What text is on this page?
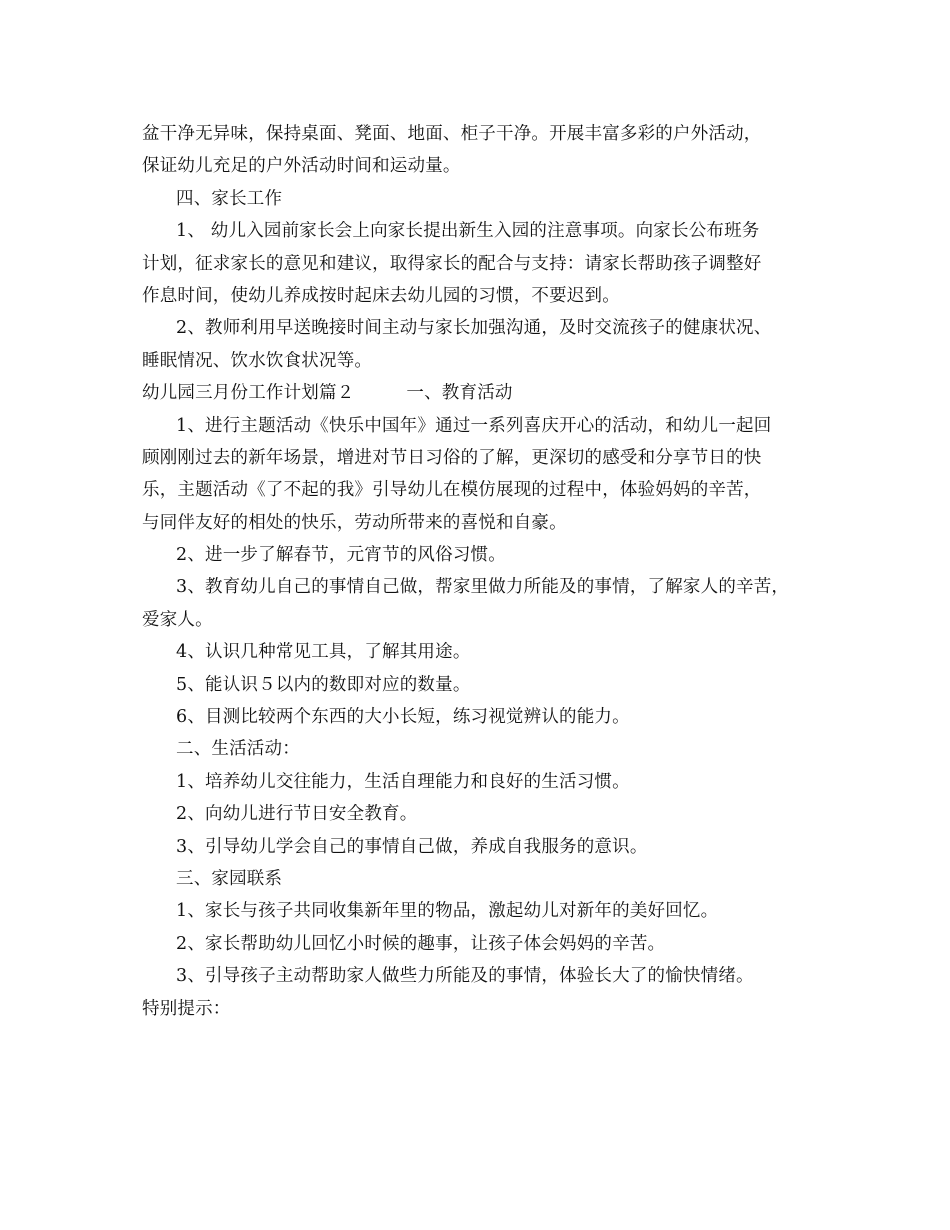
盆干净无异味，保持桌面、凳面、地面、柜子干净。开展丰富多彩的户外活动，
保证幼儿充足的户外活动时间和运动量。
四、家长工作
1、 幼儿入园前家长会上向家长提出新生入园的注意事项。向家长公布班务
计划，征求家长的意见和建议，取得家长的配合与支持：请家长帮助孩子调整好
作息时间，使幼儿养成按时起床去幼儿园的习惯，不要迟到。
2、教师利用早送晚接时间主动与家长加强沟通，及时交流孩子的健康状况、
睡眠情况、饮水饮食状况等。
幼儿园三月份工作计划篇２	一、教育活动
1、进行主题活动《快乐中国年》通过一系列喜庆开心的活动，和幼儿一起回
顾刚刚过去的新年场景，增进对节日习俗的了解，更深切的感受和分享节日的快
乐，主题活动《了不起的我》引导幼儿在模仿展现的过程中，体验妈妈的辛苦，
与同伴友好的相处的快乐，劳动所带来的喜悦和自豪。
2、进一步了解春节，元宵节的风俗习惯。
3、教育幼儿自己的事情自己做，帮家里做力所能及的事情，了解家人的辛苦，
爱家人。
4、认识几种常见工具，了解其用途。
5、能认识５以内的数即对应的数量。
6、目测比较两个东西的大小长短，练习视觉辨认的能力。
二、生活活动：
1、培养幼儿交往能力，生活自理能力和良好的生活习惯。
2、向幼儿进行节日安全教育。
3、引导幼儿学会自己的事情自己做，养成自我服务的意识。
三、家园联系
1、家长与孩子共同收集新年里的物品，激起幼儿对新年的美好回忆。
2、家长帮助幼儿回忆小时候的趣事，让孩子体会妈妈的辛苦。
3、引导孩子主动帮助家人做些力所能及的事情，体验长大了的愉快情绪。
特别提示：
